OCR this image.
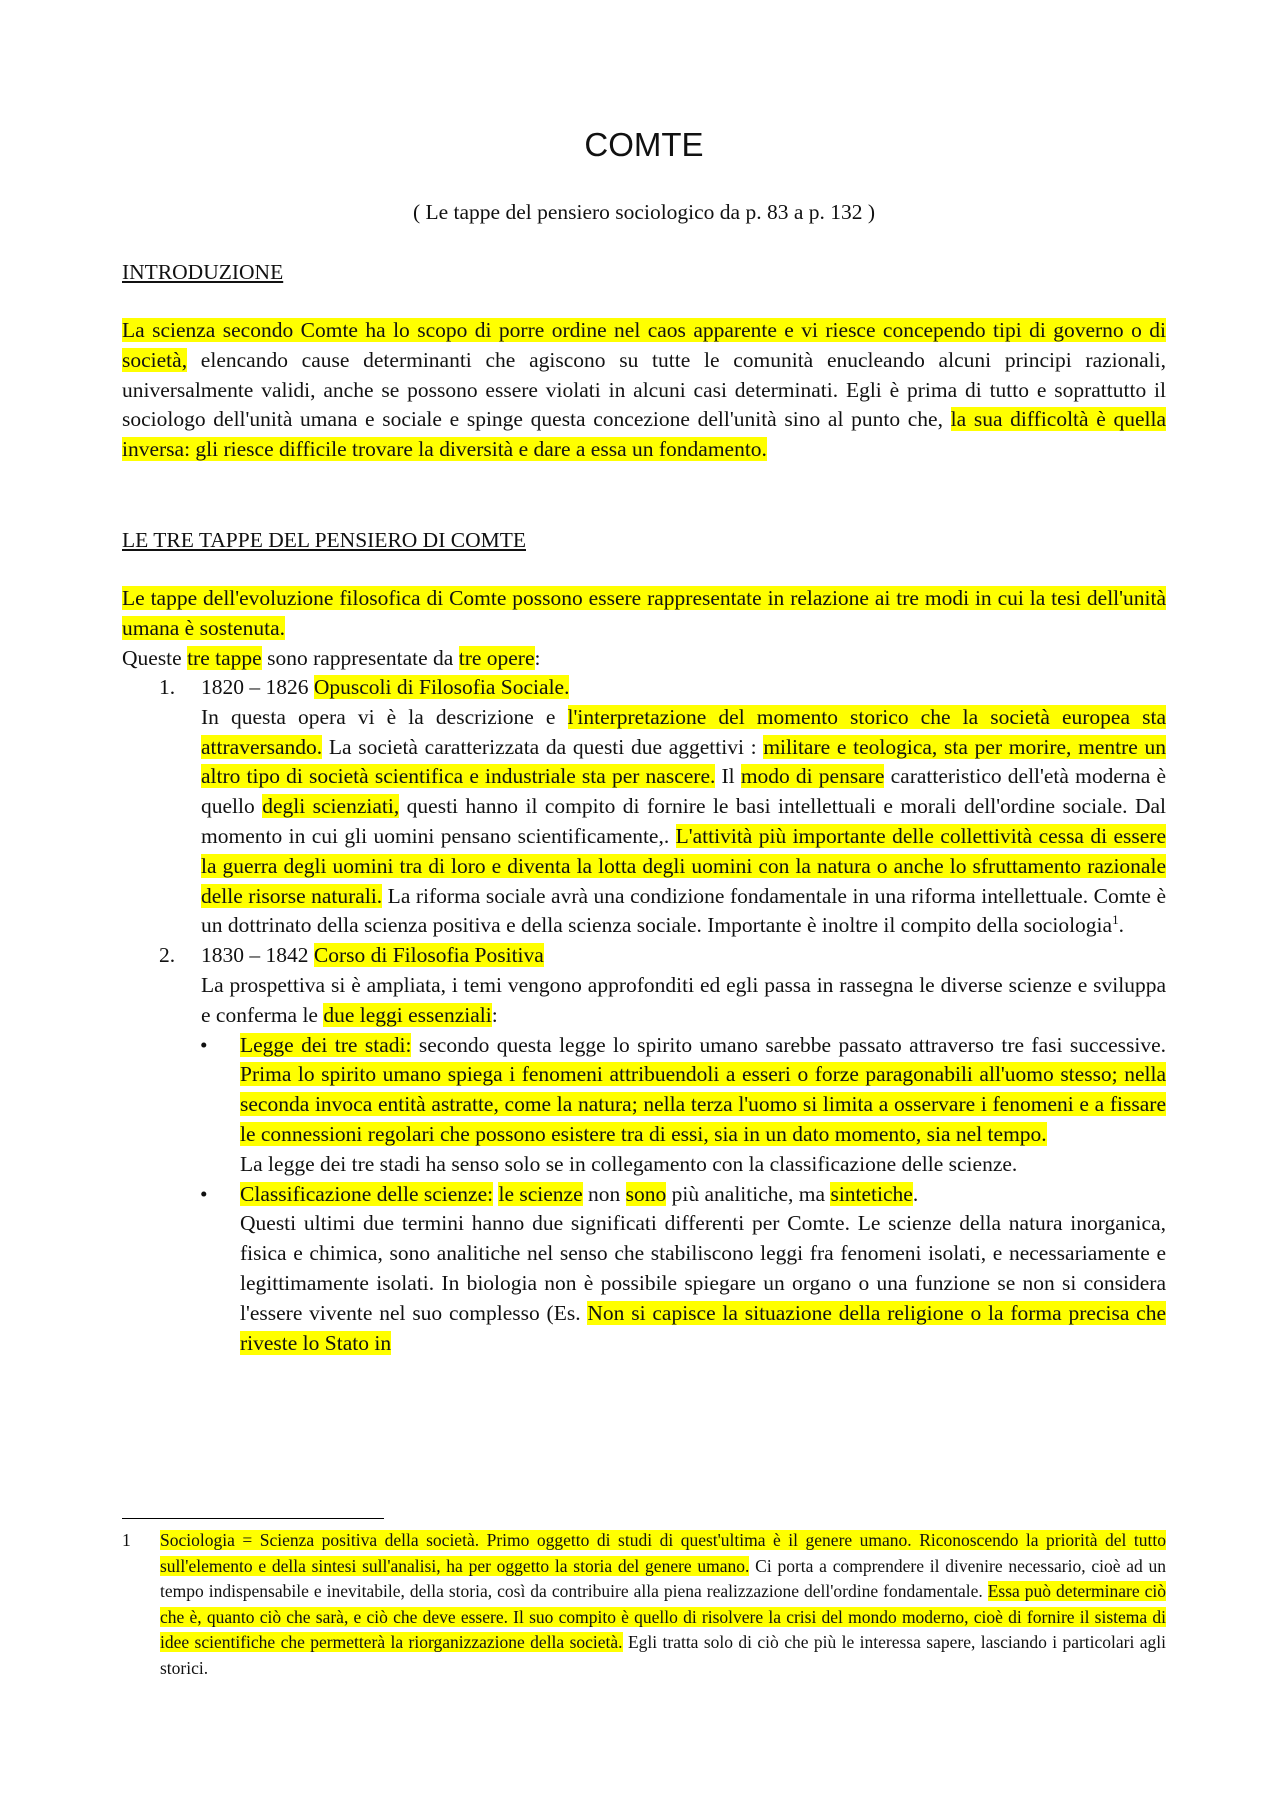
COMTE
( Le tappe del pensiero sociologico da p. 83 a p. 132 )
INTRODUZIONE
La scienza secondo Comte ha lo scopo di porre ordine nel caos apparente e vi riesce concependo tipi di governo o di società, elencando cause determinanti che agiscono su tutte le comunità enucleando alcuni principi razionali, universalmente validi, anche se possono essere violati in alcuni casi determinati. Egli è prima di tutto e soprattutto il sociologo dell'unità umana e sociale e spinge questa concezione dell'unità sino al punto che, la sua difficoltà è quella inversa: gli riesce difficile trovare la diversità e dare a essa un fondamento.
LE TRE TAPPE DEL PENSIERO DI COMTE
Le tappe dell'evoluzione filosofica di Comte possono essere rappresentate in relazione ai tre modi in cui la tesi dell'unità umana è sostenuta.
Queste tre tappe sono rappresentate da tre opere:
1. 1820 – 1826 Opuscoli di Filosofia Sociale.
In questa opera vi è la descrizione e l'interpretazione del momento storico che la società europea sta attraversando. La società caratterizzata da questi due aggettivi : militare e teologica, sta per morire, mentre un altro tipo di società scientifica e industriale sta per nascere. Il modo di pensare caratteristico dell'età moderna è quello degli scienziati, questi hanno il compito di fornire le basi intellettuali e morali dell'ordine sociale. Dal momento in cui gli uomini pensano scientificamente,. L'attività più importante delle collettività cessa di essere la guerra degli uomini tra di loro e diventa la lotta degli uomini con la natura o anche lo sfruttamento razionale delle risorse naturali. La riforma sociale avrà una condizione fondamentale in una riforma intellettuale. Comte è un dottrinato della scienza positiva e della scienza sociale. Importante è inoltre il compito della sociologia$^1$.
2. 1830 – 1842 Corso di Filosofia Positiva
La prospettiva si è ampliata, i temi vengono approfonditi ed egli passa in rassegna le diverse scienze e sviluppa e conferma le due leggi essenziali:
• Legge dei tre stadi: secondo questa legge lo spirito umano sarebbe passato attraverso tre fasi successive. Prima lo spirito umano spiega i fenomeni attribuendoli a esseri o forze paragonabili all'uomo stesso; nella seconda invoca entità astratte, come la natura; nella terza l'uomo si limita a osservare i fenomeni e a fissare le connessioni regolari che possono esistere tra di essi, sia in un dato momento, sia nel tempo.
La legge dei tre stadi ha senso solo se in collegamento con la classificazione delle scienze.
• Classificazione delle scienze: le scienze non sono più analitiche, ma sintetiche.
Questi ultimi due termini hanno due significati differenti per Comte. Le scienze della natura inorganica, fisica e chimica, sono analitiche nel senso che stabiliscono leggi fra fenomeni isolati, e necessariamente e legittimamente isolati. In biologia non è possibile spiegare un organo o una funzione se non si considera l'essere vivente nel suo complesso (Es. Non si capisce la situazione della religione o la forma precisa che riveste lo Stato in
1	Sociologia = Scienza positiva della società. Primo oggetto di studi di quest'ultima è il genere umano. Riconoscendo la priorità del tutto sull'elemento e della sintesi sull'analisi, ha per oggetto la storia del genere umano. Ci porta a comprendere il divenire necessario, cioè ad un tempo indispensabile e inevitabile, della storia, così da contribuire alla piena realizzazione dell'ordine fondamentale. Essa può determinare ciò che è, quanto ciò che sarà, e ciò che deve essere. Il suo compito è quello di risolvere la crisi del mondo moderno, cioè di fornire il sistema di idee scientifiche che permetterà la riorganizzazione della società. Egli tratta solo di ciò che più le interessa sapere, lasciando i particolari agli storici.
